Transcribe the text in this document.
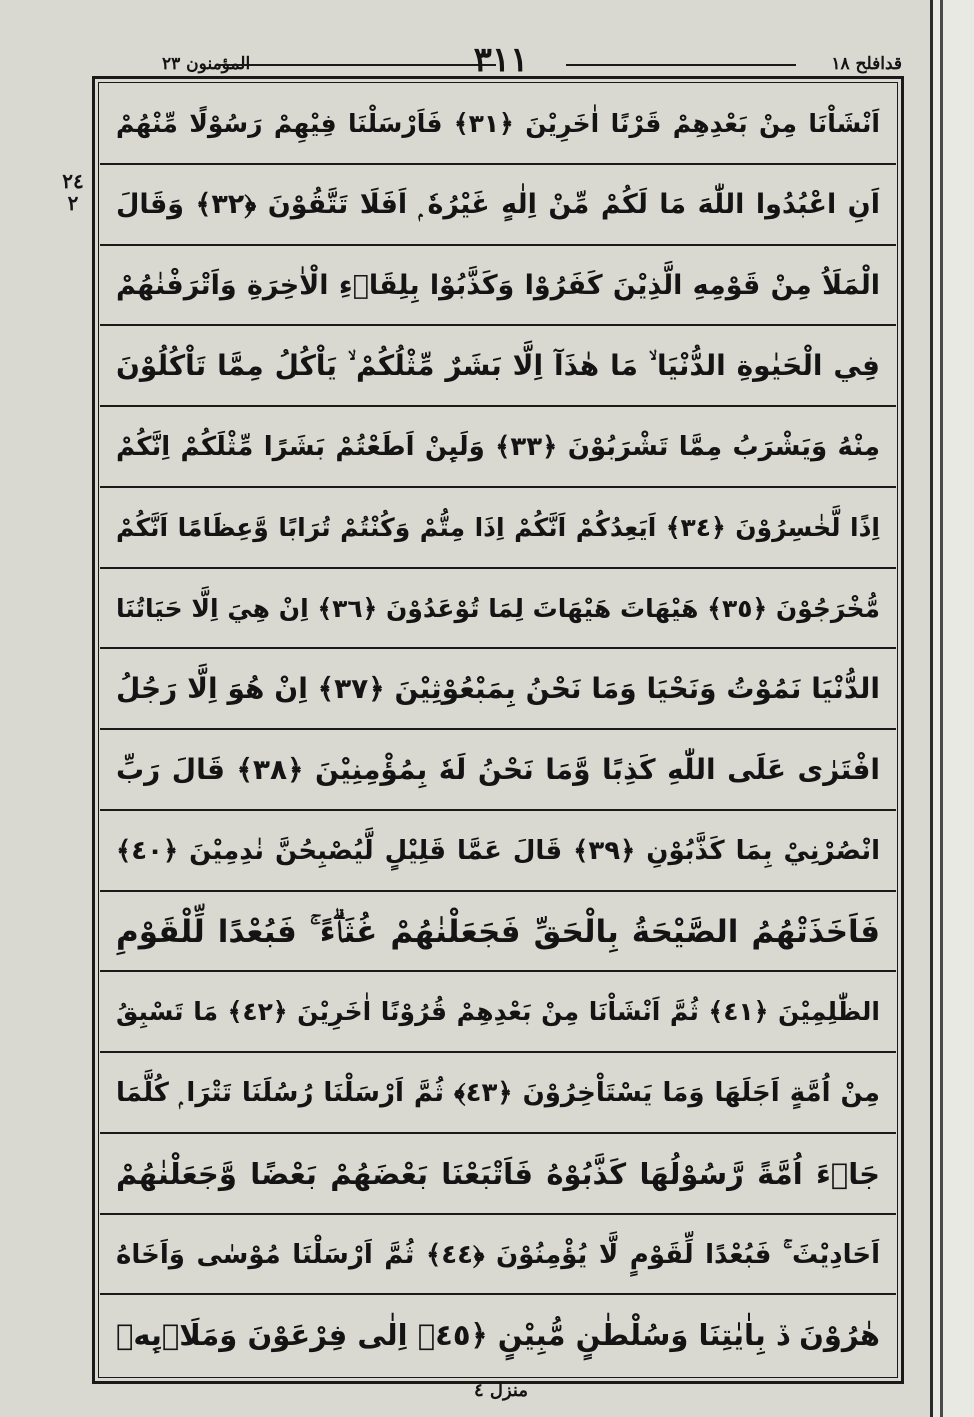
٣١١	قدافلح ١٨
المؤمنون ٢٣
٢٤ ٢
اَنْشَاْنَا مِنْ بَعْدِهِمْ قَرْنًا اٰخَرِيْنَ ﴿٣١﴾ فَاَرْسَلْنَا فِيْهِمْ رَسُوْلًا مِّنْهُمْ
اَنِ اعْبُدُوا اللّٰهَ مَا لَكُمْ مِّنْ اِلٰهٍ غَيْرُهٗ ۭ اَفَلَا تَتَّقُوْنَ ﴿٣٢﴾ وَقَالَ
الْمَلَاُ مِنْ قَوْمِهِ الَّذِيْنَ كَفَرُوْا وَكَذَّبُوْا بِلِقَاۗءِ الْاٰخِرَةِ وَاَتْرَفْنٰهُمْ
فِي الْحَيٰوةِ الدُّنْيَا ۙ مَا هٰذَآ اِلَّا بَشَرٌ مِّثْلُكُمْ ۙ يَاْكُلُ مِمَّا تَاْكُلُوْنَ
مِنْهُ وَيَشْرَبُ مِمَّا تَشْرَبُوْنَ ﴿٣٣﴾ وَلَىِٕنْ اَطَعْتُمْ بَشَرًا مِّثْلَكُمْ اِنَّكُمْ
اِذًا لَّخٰسِرُوْنَ ﴿٣٤﴾ اَيَعِدُكُمْ اَنَّكُمْ اِذَا مِتُّمْ وَكُنْتُمْ تُرَابًا وَّعِظَامًا اَنَّكُمْ
مُّخْرَجُوْنَ ﴿٣٥﴾ هَيْهَاتَ هَيْهَاتَ لِمَا تُوْعَدُوْنَ ﴿٣٦﴾ اِنْ هِيَ اِلَّا حَيَاتُنَا
الدُّنْيَا نَمُوْتُ وَنَحْيَا وَمَا نَحْنُ بِمَبْعُوْثِيْنَ ﴿٣٧﴾ اِنْ هُوَ اِلَّا رَجُلُ
افْتَرٰى عَلَى اللّٰهِ كَذِبًا وَّمَا نَحْنُ لَهٗ بِمُؤْمِنِيْنَ ﴿٣٨﴾ قَالَ رَبِّ
انْصُرْنِيْ بِمَا كَذَّبُوْنِ ﴿٣٩﴾ قَالَ عَمَّا قَلِيْلٍ لَّيُصْبِحُنَّ نٰدِمِيْنَ ﴿٤٠﴾
فَاَخَذَتْهُمُ الصَّيْحَةُ بِالْحَقِّ فَجَعَلْنٰهُمْ غُثَاۗءً ۚ فَبُعْدًا لِّلْقَوْمِ
الظّٰلِمِيْنَ ﴿٤١﴾ ثُمَّ اَنْشَاْنَا مِنْ بَعْدِهِمْ قُرُوْنًا اٰخَرِيْنَ ﴿٤٢﴾ مَا تَسْبِقُ
مِنْ اُمَّةٍ اَجَلَهَا وَمَا يَسْتَاْخِرُوْنَ ﴿٤٣﴾ ثُمَّ اَرْسَلْنَا رُسُلَنَا تَتْرَا ۭ كُلَّمَا
جَاۗءَ اُمَّةً رَّسُوْلُهَا كَذَّبُوْهُ فَاَتْبَعْنَا بَعْضَهُمْ بَعْضًا وَّجَعَلْنٰهُمْ
اَحَادِيْثَ ۚ فَبُعْدًا لِّقَوْمٍ لَّا يُؤْمِنُوْنَ ﴿٤٤﴾ ثُمَّ اَرْسَلْنَا مُوْسٰى وَاَخَاهُ
هٰرُوْنَ ڏ بِاٰيٰتِنَا وَسُلْطٰنٍ مُّبِيْنٍ ﴿٤٥﴾ اِلٰى فِرْعَوْنَ وَمَلَا۟ىِٕهٖ
منزل ٤
